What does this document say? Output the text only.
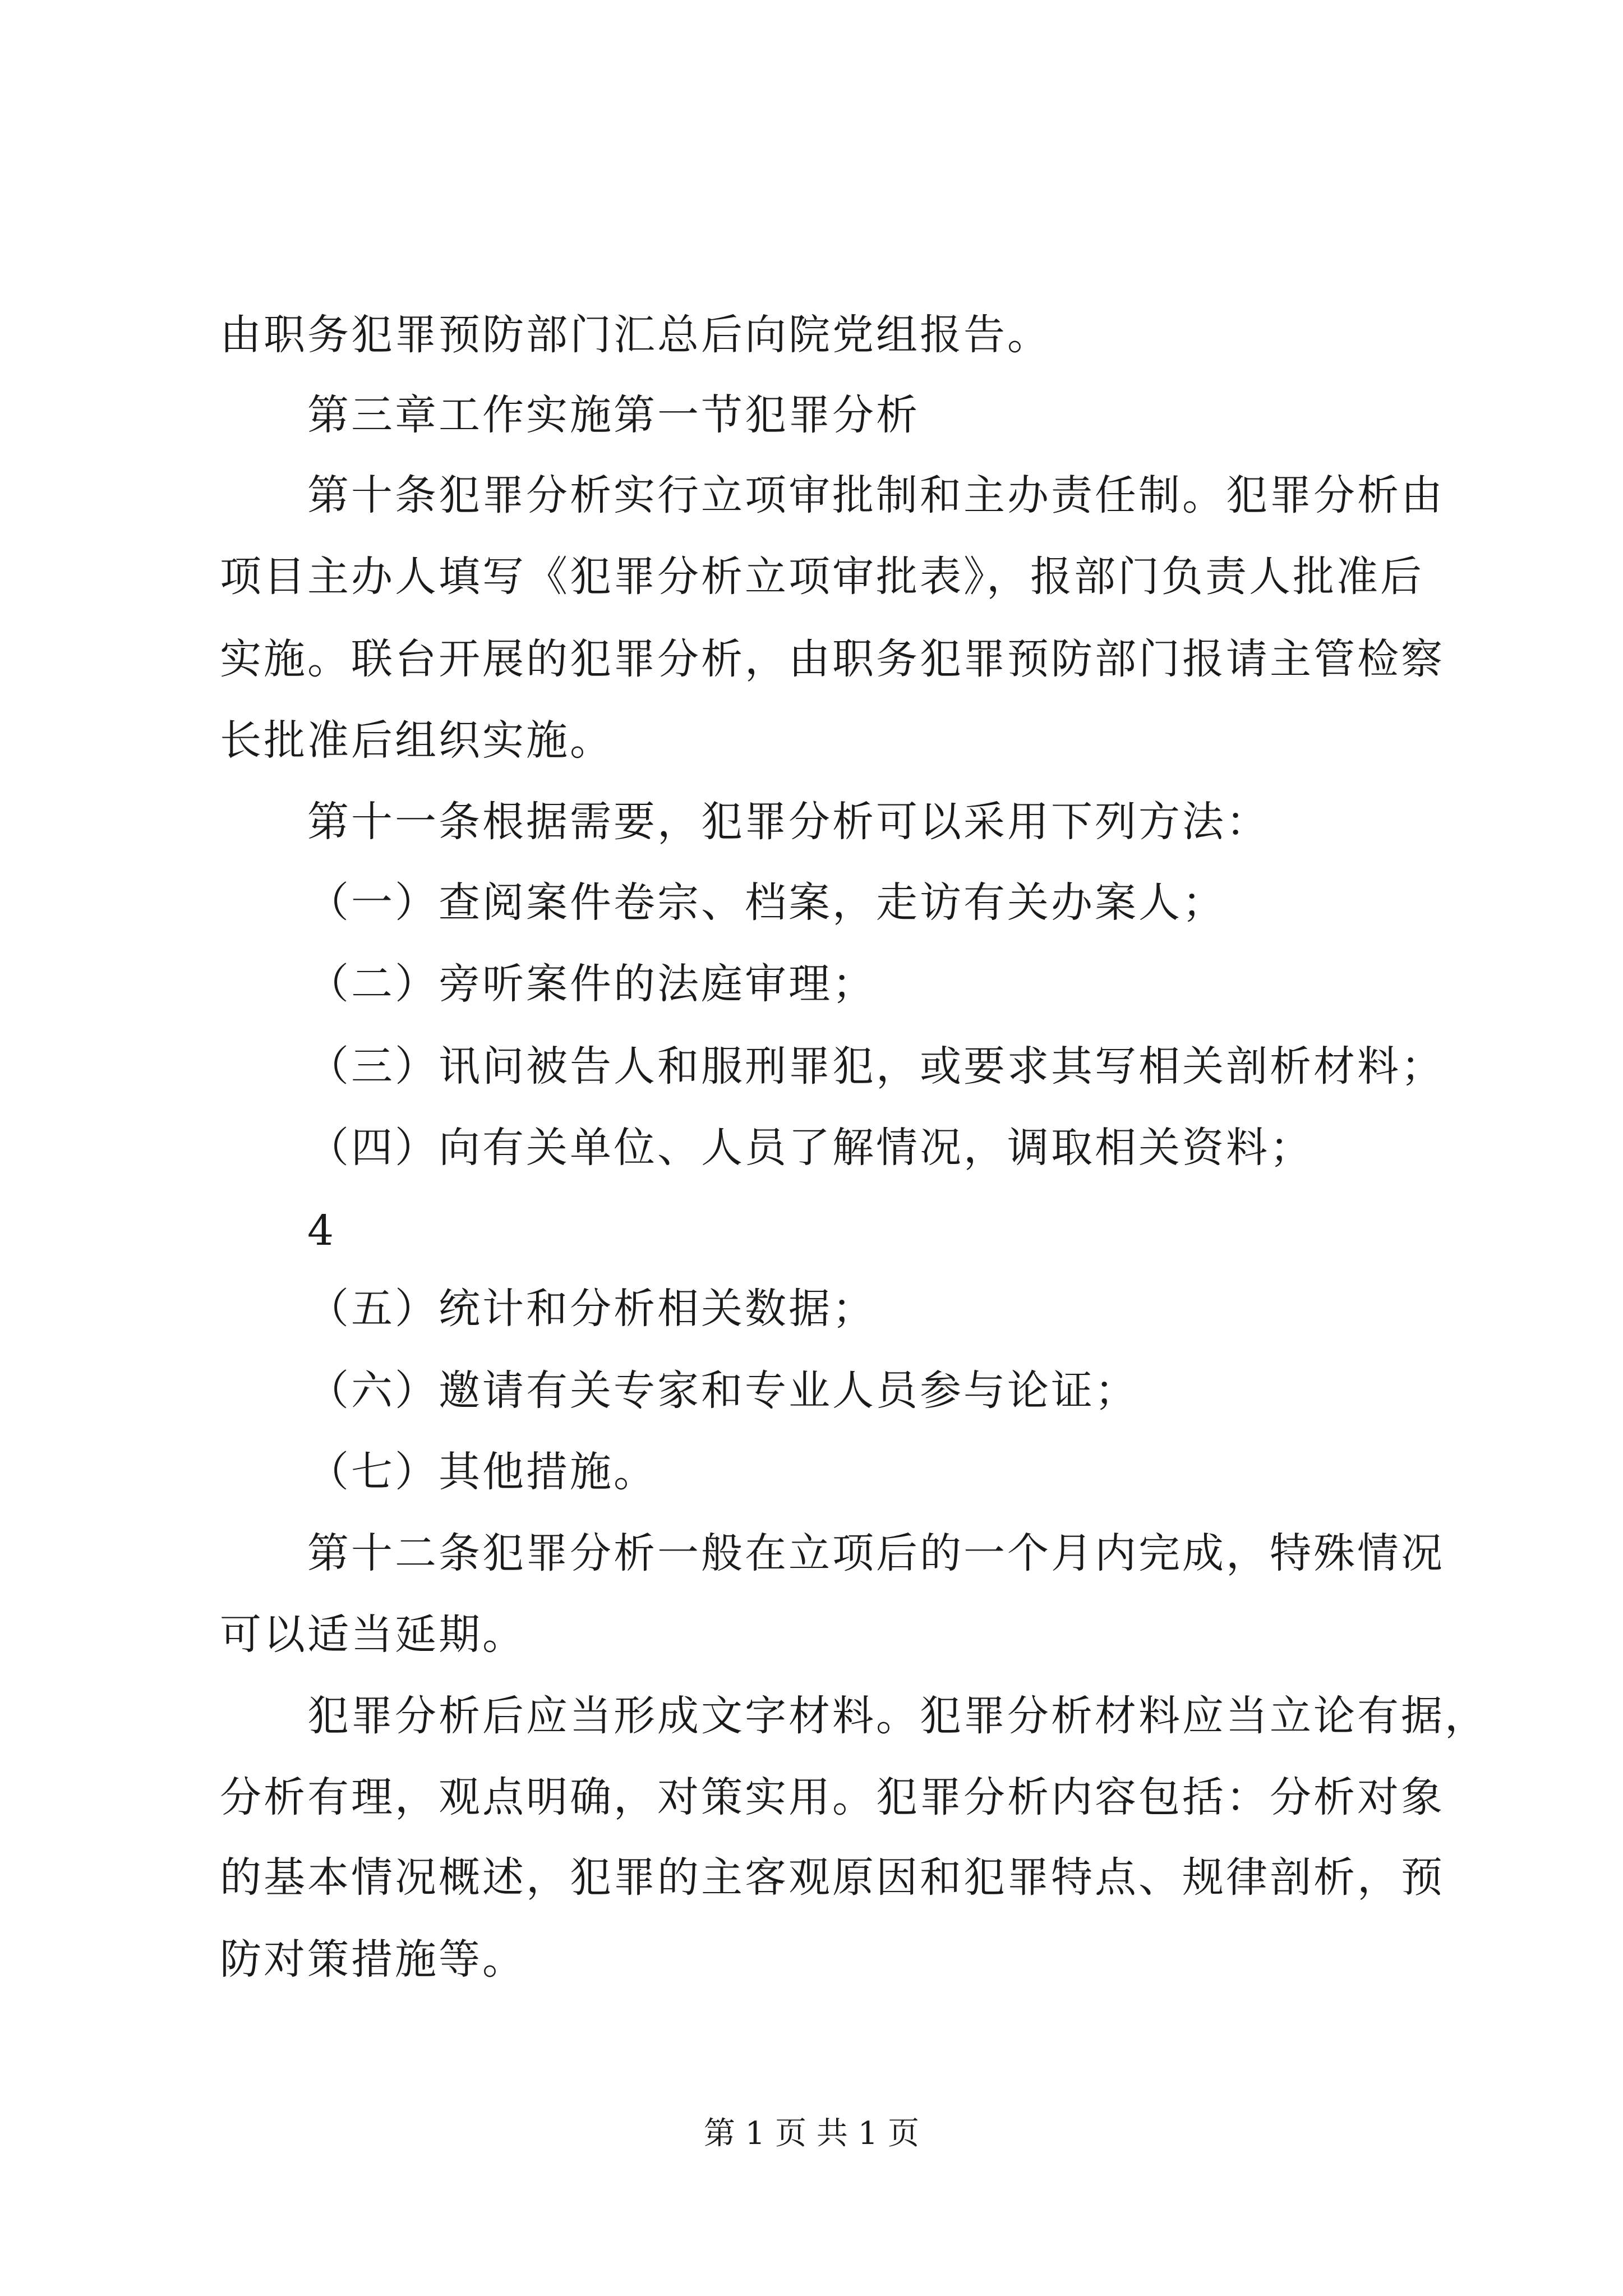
由职务犯罪预防部门汇总后向院党组报告。
第三章工作实施第一节犯罪分析
第十条犯罪分析实行立项审批制和主办责任制。犯罪分析由
项目主办人填写《犯罪分析立项审批表》，报部门负责人批准后
实施。联台开展的犯罪分析，由职务犯罪预防部门报请主管检察
长批准后组织实施。
第十一条根据需要，犯罪分析可以采用下列方法：
（一）查阅案件卷宗、档案，走访有关办案人；
（二）旁听案件的法庭审理；
（三）讯问被告人和服刑罪犯，或要求其写相关剖析材料；
（四）向有关单位、人员了解情况，调取相关资料；
4
（五）统计和分析相关数据；
（六）邀请有关专家和专业人员参与论证；
（七）其他措施。
第十二条犯罪分析一般在立项后的一个月内完成，特殊情况
可以适当延期。
犯罪分析后应当形成文字材料。犯罪分析材料应当立论有据，
分析有理，观点明确，对策实用。犯罪分析内容包括：分析对象
的基本情况概述，犯罪的主客观原因和犯罪特点、规律剖析，预
防对策措施等。
第 1 页 共 1 页
